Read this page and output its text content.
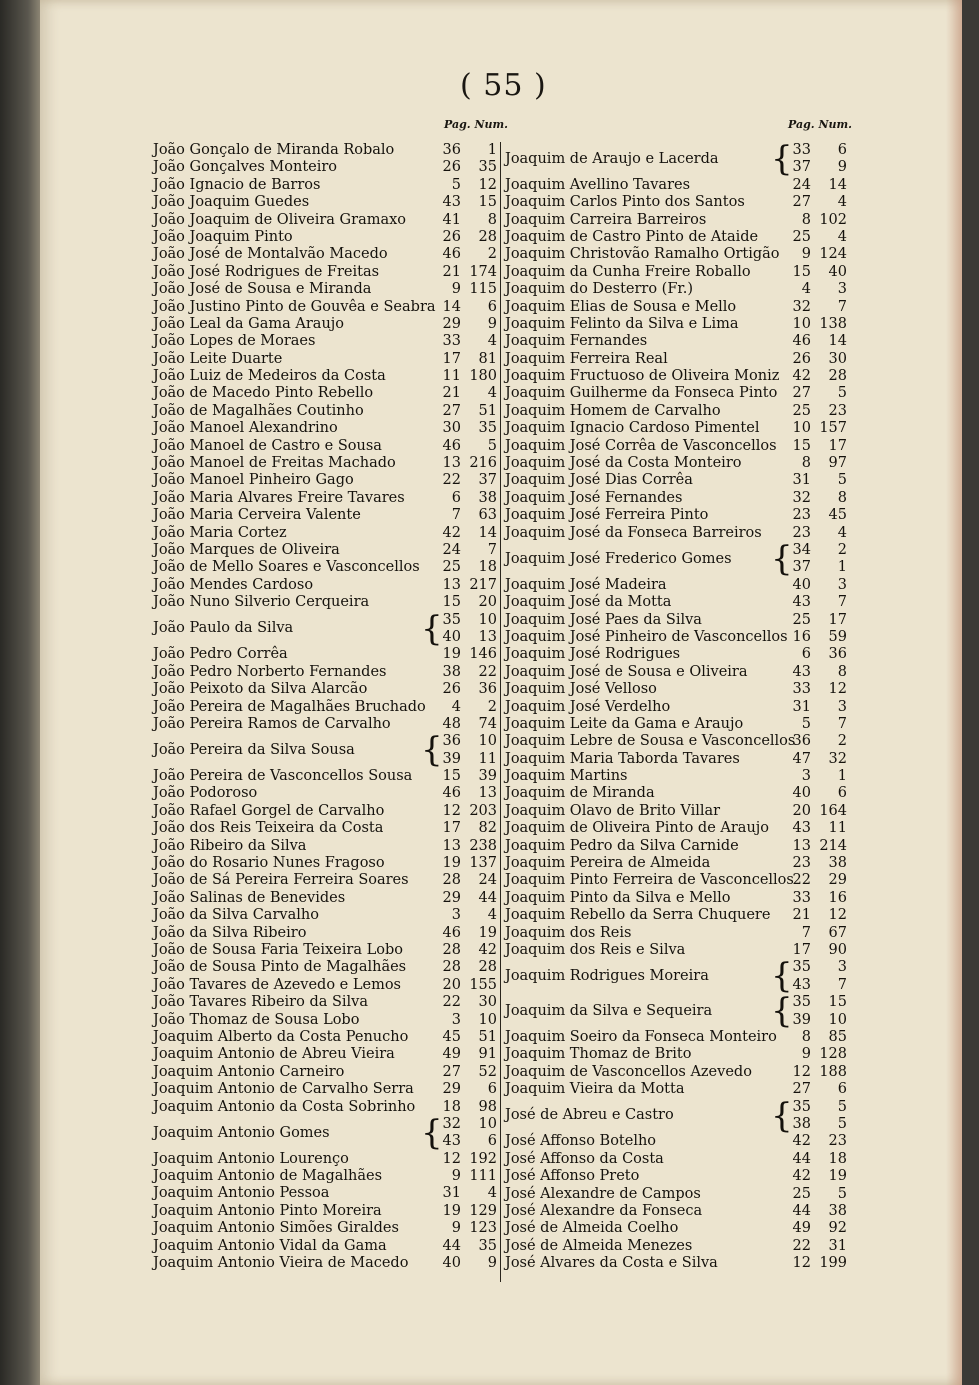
( 55 )
Pag. Num.	Pag. Num.
João Gonçalo de Miranda Robalo	36	1
João Gonçalves Monteiro	26	35
João Ignacio de Barros	5	12
João Joaquim Guedes	43	15
João Joaquim de Oliveira Gramaxo	41	8
João Joaquim Pinto	26	28
João José de Montalvão Macedo	46	2
João José Rodrigues de Freitas	21 174
João José de Sousa e Miranda	9 115
João Justino Pinto de Gouvêa e Seabra 14	6
João Leal da Gama Araujo	29	9
João Lopes de Moraes	33	4
João Leite Duarte	17	81
João Luiz de Medeiros da Costa	11 180
João de Macedo Pinto Rebello	21	4
João de Magalhães Coutinho	27	51
João Manoel Alexandrino	30	35
João Manoel de Castro e Sousa	46	5
João Manoel de Freitas Machado	13 216
João Manoel Pinheiro Gago	22	37
João Maria Alvares Freire Tavares	6	38
João Maria Cerveira Valente	7	63
João Maria Cortez	42	14
João Marques de Oliveira	24	7
João de Mello Soares e Vasconcellos	25	18
João Mendes Cardoso	13 217
João Nuno Silverio Cerqueira	15	20
João Paulo da Silva	{ 35	10
40	13
João Pedro Corrêa	19 146
João Pedro Norberto Fernandes	38	22
João Peixoto da Silva Alarcão	26	36
João Pereira de Magalhães Bruchado	4	2
João Pereira Ramos de Carvalho	48	74
João Pereira da Silva Sousa { 36	10
39	11
João Pereira de Vasconcellos Sousa	15	39
João Podoroso	46	13
João Rafael Gorgel de Carvalho	12 203
João dos Reis Teixeira da Costa	17	82
João Ribeiro da Silva	13 238
João do Rosario Nunes Fragoso	19 137
João de Sá Pereira Ferreira Soares	28	24
João Salinas de Benevides	29	44
João da Silva Carvalho	3	4
João da Silva Ribeiro	46	19
João de Sousa Faria Teixeira Lobo	28	42
João de Sousa Pinto de Magalhães	28	28
João Tavares de Azevedo e Lemos	20 155
João Tavares Ribeiro da Silva	22	30
João Thomaz de Sousa Lobo	3	10
Joaquim Alberto da Costa Penucho	45	51
Joaquim Antonio de Abreu Vieira	49	91
Joaquim Antonio Carneiro	27	52
Joaquim Antonio de Carvalho Serra	29	6
Joaquim Antonio da Costa Sobrinho	18	98
Joaquim Antonio Gomes	{ 32	10
43	6
Joaquim Antonio Lourenço	12 192
Joaquim Antonio de Magalhães	9 111
Joaquim Antonio Pessoa	31	4
Joaquim Antonio Pinto Moreira	19 129
Joaquim Antonio Simões Giraldes	9 123
Joaquim Antonio Vidal da Gama	44	35
Joaquim Antonio Vieira de Macedo	40	9
Joaquim de Araujo e Lacerda { 33	6
37	9
Joaquim Avellino Tavares	24	14
Joaquim Carlos Pinto dos Santos	27	4
Joaquim Carreira Barreiros	8 102
Joaquim de Castro Pinto de Ataide	25	4
Joaquim Christovão Ramalho Ortigão	9 124
Joaquim da Cunha Freire Roballo	15	40
Joaquim do Desterro (Fr.)	4	3
Joaquim Elias de Sousa e Mello	32	7
Joaquim Felinto da Silva e Lima	10 138
Joaquim Fernandes	46	14
Joaquim Ferreira Real	26	30
Joaquim Fructuoso de Oliveira Moniz 42	28
Joaquim Guilherme da Fonseca Pinto	27	5
Joaquim Homem de Carvalho	25	23
Joaquim Ignacio Cardoso Pimentel	10 157
Joaquim José Corrêa de Vasconcellos	15	17
Joaquim José da Costa Monteiro	8	97
Joaquim José Dias Corrêa	31	5
Joaquim José Fernandes	32	8
Joaquim José Ferreira Pinto	23	45
Joaquim José da Fonseca Barreiros	23	4
Joaquim José Frederico Gomes { 34	2
37	1
Joaquim José Madeira	40	3
Joaquim José da Motta	43	7
Joaquim José Paes da Silva	25	17
Joaquim José Pinheiro de Vasconcellos 16	59
Joaquim José Rodrigues	6	36
Joaquim José de Sousa e Oliveira	43	8
Joaquim José Velloso	33	12
Joaquim José Verdelho	31	3
Joaquim Leite da Gama e Araujo	5	7
Joaquim Lebre de Sousa e Vasconcellos
36	2
Joaquim Maria Taborda Tavares	47	32
Joaquim Martins	3	1
Joaquim de Miranda	40	6
Joaquim Olavo de Brito Villar	20 164
Joaquim de Oliveira Pinto de Araujo	43	11
Joaquim Pedro da Silva Carnide	13 214
Joaquim Pereira de Almeida	23	38
Joaquim Pinto Ferreira de Vasconcellos
22	29
Joaquim Pinto da Silva e Mello	33	16
Joaquim Rebello da Serra Chuquere	21	12
Joaquim dos Reis	7	67
Joaquim dos Reis e Silva	17	90
Joaquim Rodrigues Moreira { 35	3
43	7
Joaquim da Silva e Sequeira { 35	15
39	10
Joaquim Soeiro da Fonseca Monteiro	8	85
Joaquim Thomaz de Brito	9 128
Joaquim de Vasconcellos Azevedo	12 188
Joaquim Vieira da Motta	27	6
José de Abreu e Castro	{ 35	5
38	5
José Affonso Botelho	42	23
José Affonso da Costa	44	18
José Affonso Preto	42	19
José Alexandre de Campos	25	5
José Alexandre da Fonseca	44	38
José de Almeida Coelho	49	92
José de Almeida Menezes	22	31
José Alvares da Costa e Silva	12 199
